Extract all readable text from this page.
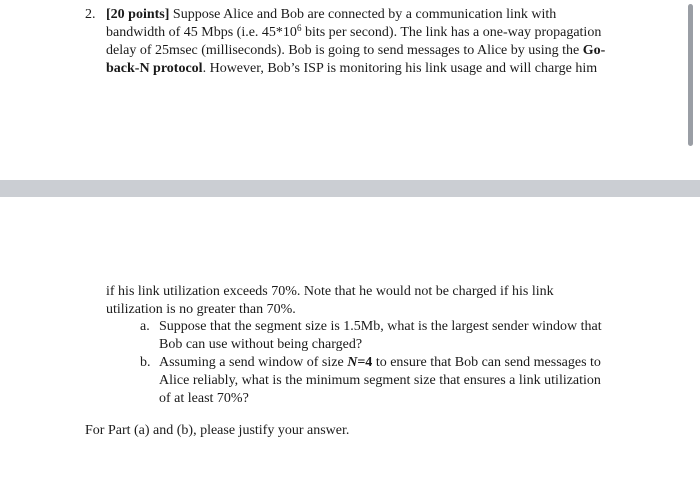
2. [20 points] Suppose Alice and Bob are connected by a communication link with
bandwidth of 45 Mbps (i.e. $45*10^6$ bits per second). The link has a one-way propagation
delay of 25msec (milliseconds). Bob is going to send messages to Alice by using the Go-
back-N protocol. However, Bob’s ISP is monitoring his link usage and will charge him
if his link utilization exceeds 70%. Note that he would not be charged if his link
utilization is no greater than 70%.
a. Suppose that the segment size is 1.5Mb, what is the largest sender window that
Bob can use without being charged?
b. Assuming a send window of size N=4 to ensure that Bob can send messages to
Alice reliably, what is the minimum segment size that ensures a link utilization
of at least 70%?
For Part (a) and (b), please justify your answer.
